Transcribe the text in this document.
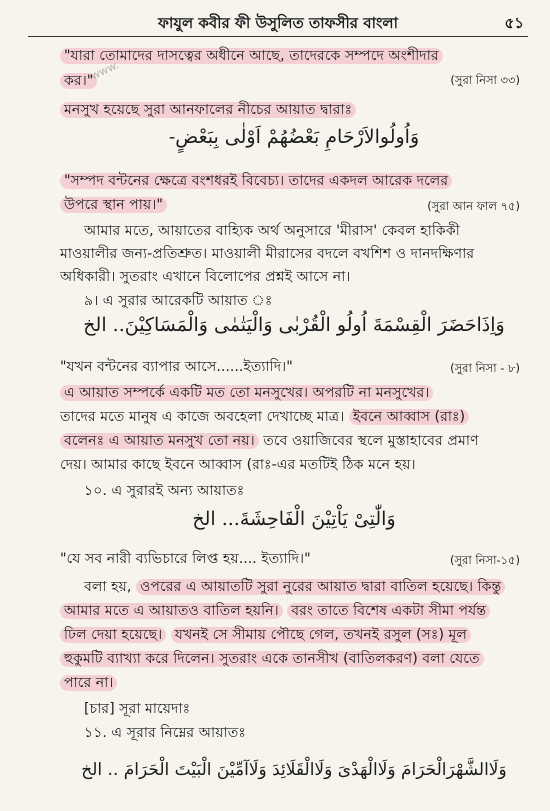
ফাযুল কবীর ফী উসুলিত তাফসীর বাংলা	৫১
www.
"যারা তোমাদের দাসত্বের অধীনে আছে, তাদেরকে সম্পদে অংশীদার
কর।"	(সুরা নিসা ৩৩)
মনসুখ হয়েছে সুরা আনফালের নীচের আয়াত দ্বারাঃ
وَاُولُوالاَرْحَامِ بَعْضُهُمْ اَوْلٰى بِبَعْضٍ-
"সম্পদ বন্টনের ক্ষেত্রে বংশধরই বিবেচ্য। তাদের একদল আরেক দলের
উপরে স্থান পায়।"	(সুরা আন ফাল ৭৫)
আমার মতে, আয়াতের বাহ্যিক অর্থ অনুসারে 'মীরাস' কেবল হাকিকী
মাওয়ালীর জন্য-প্রতিশ্রুত। মাওয়ালী মীরাসের বদলে বখশিশ ও দানদক্ষিণার
অধিকারী। সুতরাং এখানে বিলোপের প্রশ্নই আসে না।
৯। এ সুরার আরেকটি আয়াত ঃ
وَاِذَاحَضَرَ الْقِسْمَةَ اُولُو الْقُرْبٰى وَالْيَتٰمٰى وَالْمَسَاكِيْنَ.. الخ
"যখন বন্টনের ব্যাপার আসে......ইত্যাদি।"	(সুরা নিসা - ৮)
এ আয়াত সম্পর্কে একটি মত তো মনসুখের। অপরটি না মনসুখের।
তাদের মতে মানুষ এ কাজে অবহেলা দেখাচ্ছে মাত্র। ইবনে আব্বাস (রাঃ)
বলেনঃ এ আয়াত মনসুখ তো নয়। তবে ওয়াজিবের স্থলে মুস্তাহাবের প্রমাণ
দেয়। আমার কাছে ইবনে আব্বাস (রাঃ-এর মতটিই ঠিক মনে হয়।
১০. এ সুরারই অন্য আয়াতঃ
وَالّٰتِىْ يَاْتِيْنَ الْفَاحِشَةَ... الخ
"যে সব নারী ব্যভিচারে লিপ্ত হয়.... ইত্যাদি।"	(সুরা নিসা-১৫)
বলা হয়, ওপরের এ আয়াতটি সুরা নুরের আয়াত দ্বারা বাতিল হয়েছে। কিন্তু
আমার মতে এ আয়াতও বাতিল হয়নি। বরং তাতে বিশেষ একটা সীমা পর্যন্ত
ঢিল দেয়া হয়েছে। যখনই সে সীমায় পৌছে গেল, তখনই রসুল (সঃ) মূল
হুকুমটি ব্যাখ্যা করে দিলেন। সুতরাং একে তানসীখ (বাতিলকরণ) বলা যেতে
পারে না।
[চার] সূরা মায়েদাঃ
১১. এ সূরার নিম্নের আয়াতঃ
وَلَاالشَّهْرَالْحَرَامَ وَلَاالْهَدْىَ وَلَاالْقَلَائِدَ وَلَاآمِّيْنَ الْبَيْتَ الْحَرَامَ .. الخ
